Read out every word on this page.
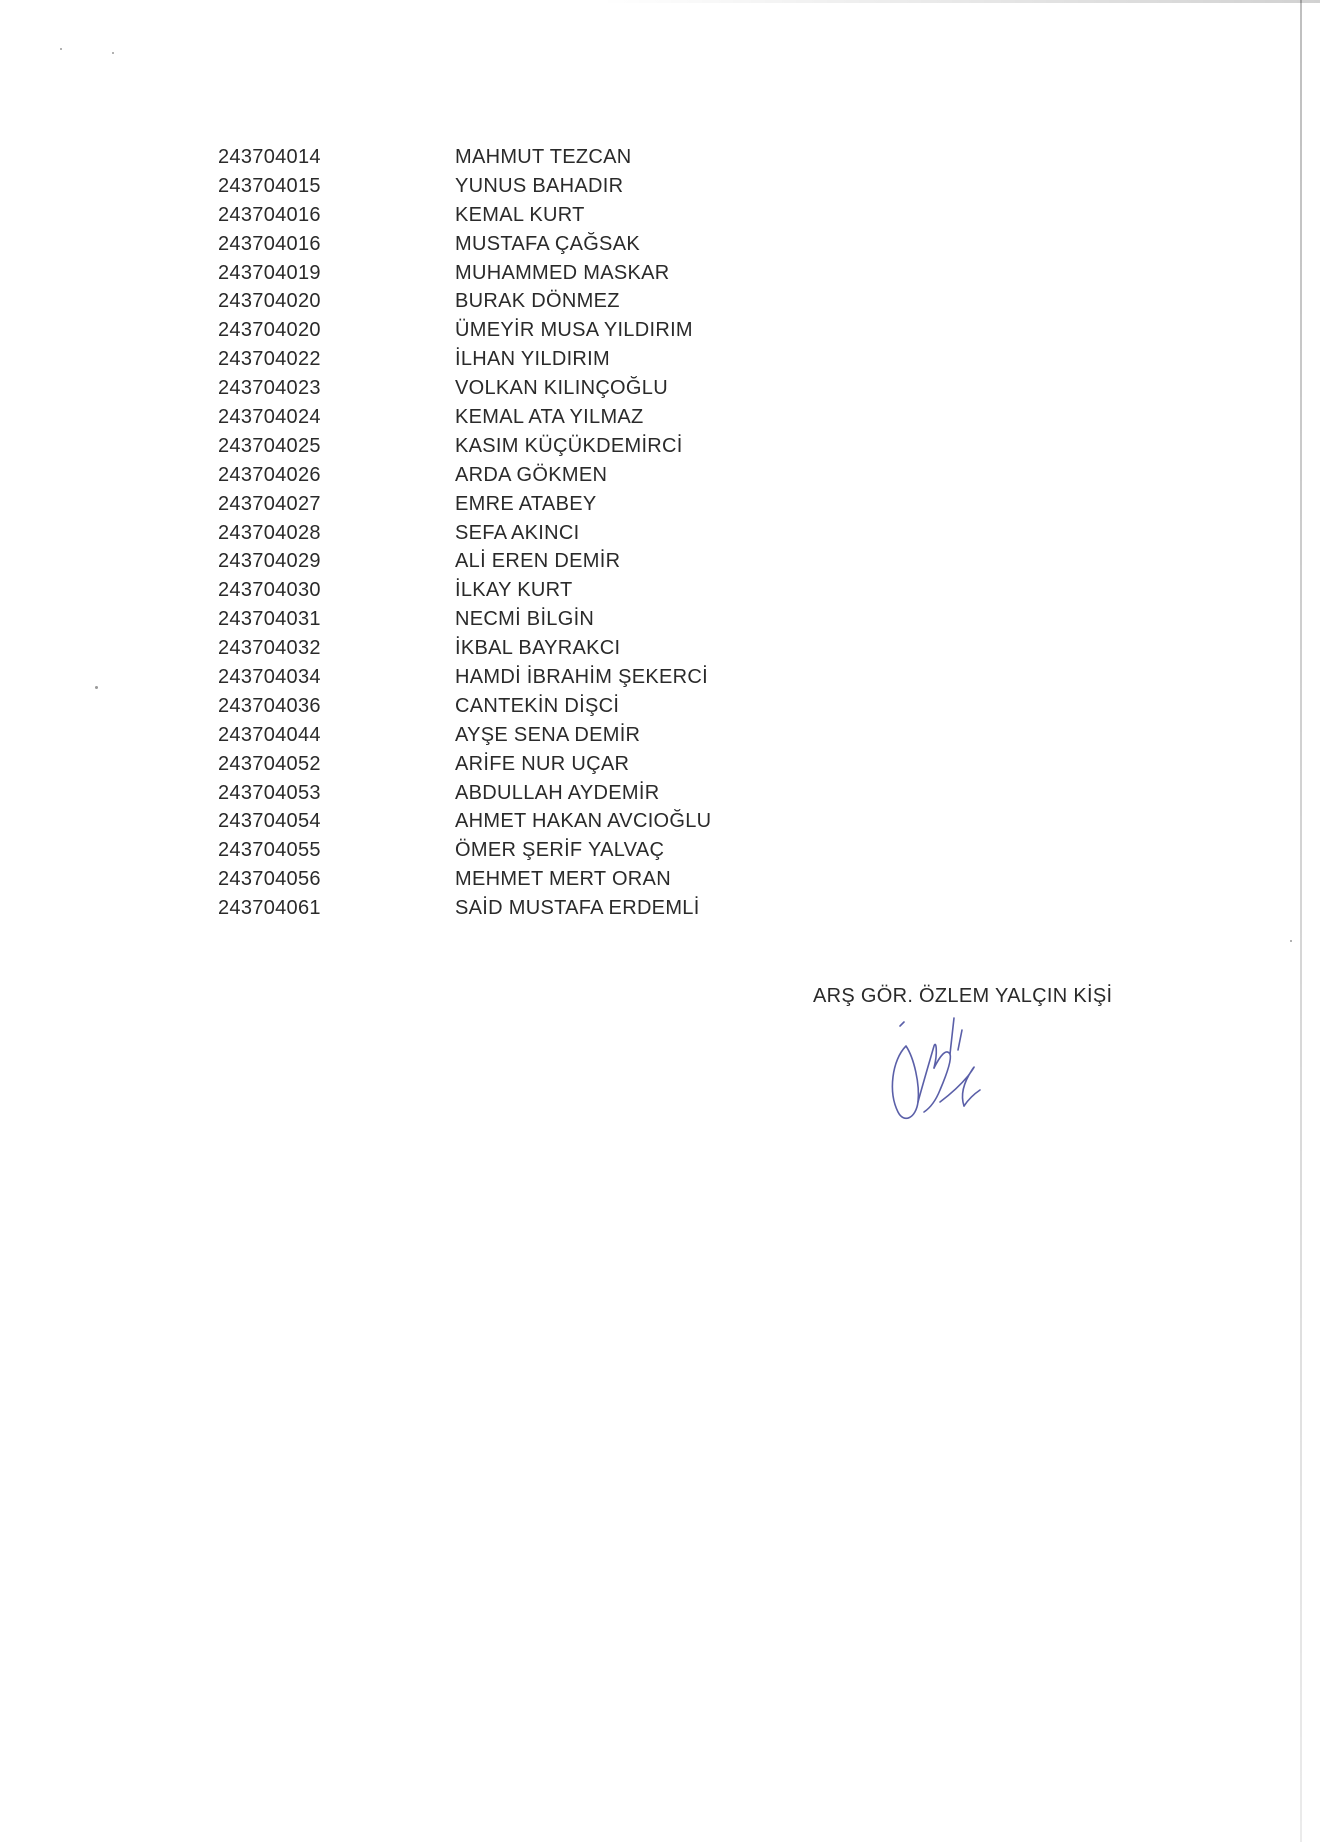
243704014	MAHMUT TEZCAN
243704015	YUNUS BAHADIR
243704016	KEMAL KURT
243704016	MUSTAFA ÇAĞSAK
243704019	MUHAMMED MASKAR
243704020	BURAK DÖNMEZ
243704020	ÜMEYİR MUSA YILDIRIM
243704022	İLHAN YILDIRIM
243704023	VOLKAN KILINÇOĞLU
243704024	KEMAL ATA YILMAZ
243704025	KASIM KÜÇÜKDEMİRCİ
243704026	ARDA GÖKMEN
243704027	EMRE ATABEY
243704028	SEFA AKINCI
243704029	ALİ EREN DEMİR
243704030	İLKAY KURT
243704031	NECMİ BİLGİN
243704032	İKBAL BAYRAKCI
243704034	HAMDİ İBRAHİM ŞEKERCİ
243704036	CANTEKİN DİŞCİ
243704044	AYŞE SENA DEMİR
243704052	ARİFE NUR UÇAR
243704053	ABDULLAH AYDEMİR
243704054	AHMET HAKAN AVCIOĞLU
243704055	ÖMER ŞERİF YALVAÇ
243704056	MEHMET MERT ORAN
243704061	SAİD MUSTAFA ERDEMLİ
ARŞ GÖR. ÖZLEM YALÇIN KİŞİ
